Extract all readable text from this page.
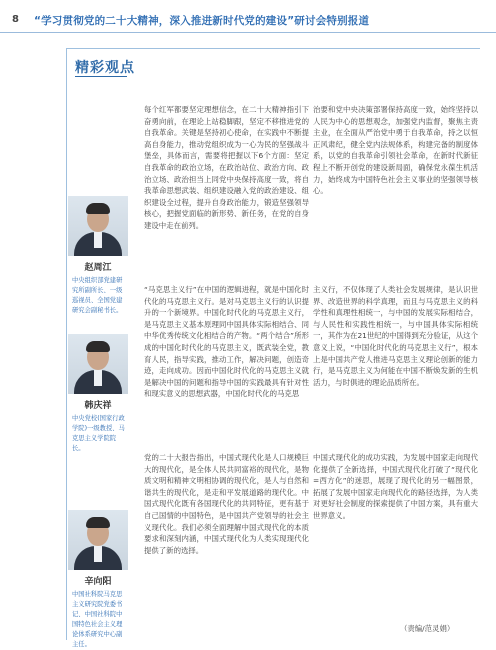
8 “学习贯彻党的二十大精神，深入推进新时代党的建设”研讨会特别报道
精彩观点
赵周江
中央组织部党建研究所副所长、一级巡视员、全国党建研究会副秘书长。

每个红军都要坚定理想信念，在二十大精神指引下奋勇向前，在理论上站稳脚跟，坚定不移推进党的自我革命。关键是坚持初心使命，在实践中不断提高自身能力，推动党组织成为一心为民的坚强战斗堡垒，具体而言，需要将把握以下6个方面：坚定自我革命的政治立场，在政治站位、政治方向、政治立场、政治担当上同党中央保持高度一致，将自我革命思想武装、组织建设融入党的政治建设、组织建设全过程，提升自身政治能力，锻造坚强领导核心，把握党面临的新形势、新任务，在党的自身建设中走在前列。

治要和党中央决策部署保持高度一致，始终坚持以人民为中心的思想观念，加强党内监督，聚焦主责主业，在全面从严治党中勇于自我革命，持之以恒正风肃纪，健全党内法规体系，构建完备的制度体系，以党的自我革命引领社会革命，在新时代新征程上不断开创党的建设新局面，确保党永葆生机活力，始终成为中国特色社会主义事业的坚强领导核心。

韩庆祥
中央党校(国家行政学院)一级教授、马克思主义学院院长。

“马克思主义行”在中国的逻辑进程，就是中国化时代化的马克思主义行。是对马克思主义行的认识提升的一个新境界。中国化时代化的马克思主义行，是马克思主义基本原理同中国具体实际相结合、同中华优秀传统文化相结合的产物。“两个结合”所形成的中国化时代化的马克思主义，既武装全党，教育人民，指导实践，推动工作，解决问题，创造奇迹，走向成功。因而中国化时代化的马克思主义就是解决中国的问题和指导中国的实践最具有针对性和现实意义的思想武器，中国化时代化的马克思

主义行，不仅体现了人类社会发展规律，是认识世界、改造世界的科学真理，而且与马克思主义的科学性和真理性相统一，与中国的发展实际相结合，与人民性和实践性相统一，与中国具体实际相统一，其作为在21世纪的中国得到充分验证，从这个意义上说，“中国化时代化的马克思主义行”，根本上是中国共产党人推进马克思主义理论创新的能力行，是马克思主义为何能在中国不断焕发新的生机活力，与时俱进的理论品质所在。

辛向阳
中国社科院马克思主义研究院党委书记、中国社科院中国特色社会主义理论体系研究中心副主任。

党的二十大报告指出，中国式现代化是人口规模巨大的现代化，是全体人民共同富裕的现代化，是物质文明和精神文明相协调的现代化，是人与自然和谐共生的现代化，是走和平发展道路的现代化。中国式现代化既有各国现代化的共同特征，更有基于自己国情的中国特色，是中国共产党领导的社会主义现代化。我们必须全面理解中国式现代化的本质要求和深刻内涵，中国式现代化为人类实现现代化提供了新的选择。

中国式现代化的成功实践，为发展中国家走向现代化提供了全新选择，中国式现代化打破了“现代化=西方化”的迷思，展现了现代化的另一幅图景，拓展了发展中国家走向现代化的路径选择，为人类对更好社会制度的探索提供了中国方案，具有重大世界意义。

（责编/范灵娟）
